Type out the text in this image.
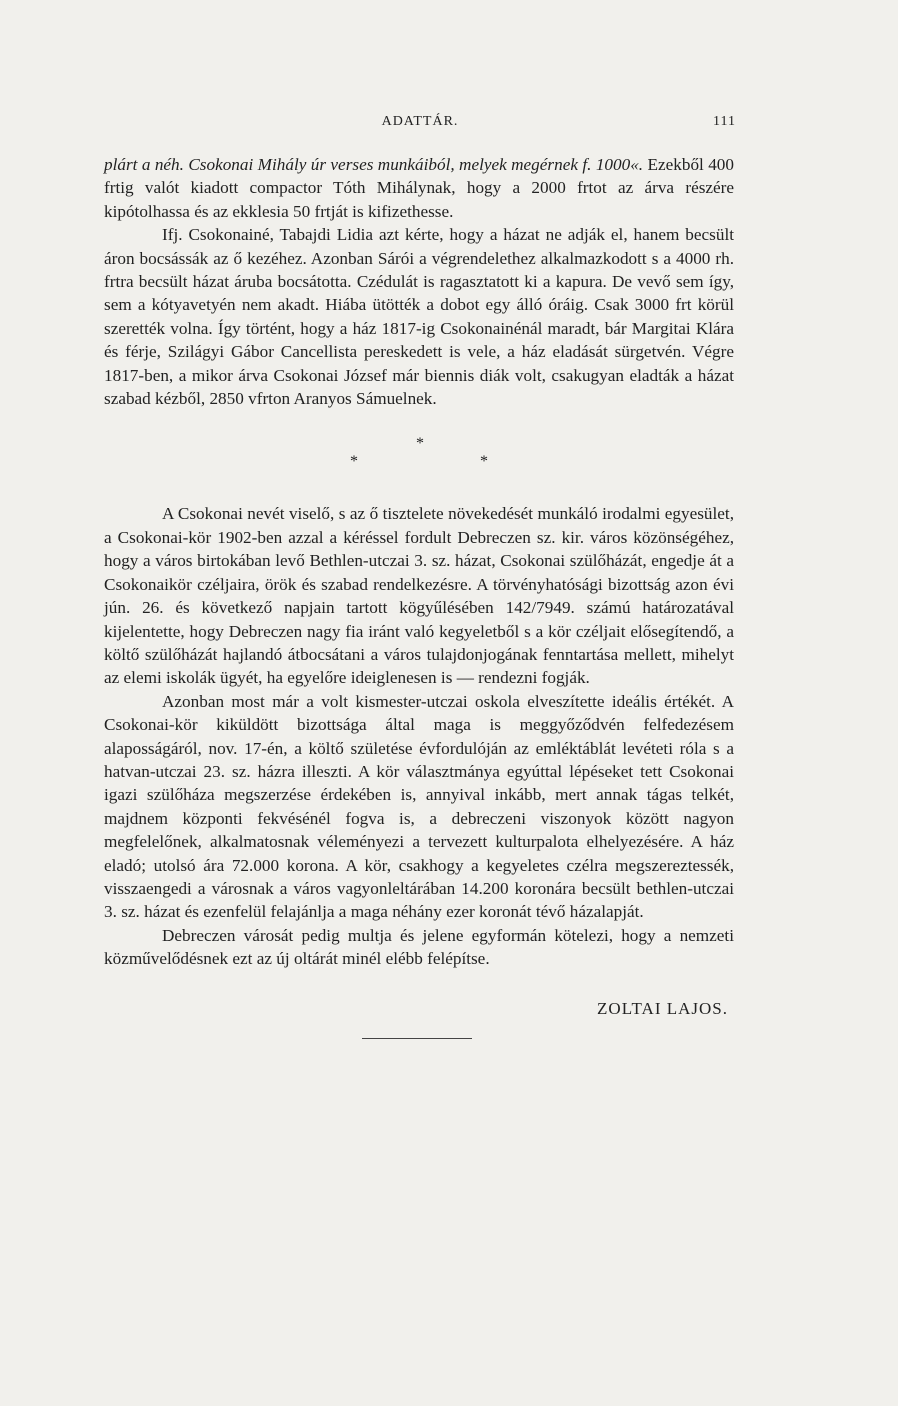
ADATTÁR.	111

plárt a néh. Csokonai Mihály úr verses munkáiból, melyek megérnek f. 1000«. Ezekből 400 frtig valót kiadott compactor Tóth Mihálynak, hogy a 2000 frtot az árva részére kipótolhassa és az ekklesia 50 frtját is kifizethesse.

Ifj. Csokonainé, Tabajdi Lidia azt kérte, hogy a házat ne adják el, hanem becsült áron bocsássák az ő kezéhez. Azonban Sárói a végrendelethez alkalmazkodott s a 4000 rh. frtra becsült házat áruba bocsátotta. Czédulát is ragasztatott ki a kapura. De vevő sem így, sem a kótyavetyén nem akadt. Hiába ütötték a dobot egy álló óráig. Csak 3000 frt körül szerették volna. Így történt, hogy a ház 1817-ig Csokonainénál maradt, bár Margitai Klára és férje, Szilágyi Gábor Cancellista pereskedett is vele, a ház eladását sürgetvén. Végre 1817-ben, a mikor árva Csokonai József már biennis diák volt, csakugyan eladták a házat szabad kézből, 2850 vfrton Aranyos Sámuelnek.

*
*	*

A Csokonai nevét viselő, s az ő tisztelete növekedését munkáló irodalmi egyesület, a Csokonai-kör 1902-ben azzal a kéréssel fordult Debreczen sz. kir. város közönségéhez, hogy a város birtokában levő Bethlen-utczai 3. sz. házat, Csokonai szülőházát, engedje át a Csokonaikör czéljaira, örök és szabad rendelkezésre. A törvényhatósági bizottság azon évi jún. 26. és következő napjain tartott kögyűlésében 142/7949. számú határozatával kijelentette, hogy Debreczen nagy fia iránt való kegyeletből s a kör czéljait elősegítendő, a költő szülőházát hajlandó átbocsátani a város tulajdonjogának fenntartása mellett, mihelyt az elemi iskolák ügyét, ha egyelőre ideiglenesen is — rendezni fogják.

Azonban most már a volt kismester-utczai oskola elveszítette ideális értékét. A Csokonai-kör kiküldött bizottsága által maga is meggyőződvén felfedezésem alaposságáról, nov. 17-én, a költő születése évfordulóján az emléktáblát levéteti róla s a hatvan-utczai 23. sz. házra illeszti. A kör választmánya egyúttal lépéseket tett Csokonai igazi szülőháza megszerzése érdekében is, annyival inkább, mert annak tágas telkét, majdnem központi fekvésénél fogva is, a debreczeni viszonyok között nagyon megfelelőnek, alkalmatosnak véleményezi a tervezett kulturpalota elhelyezésére. A ház eladó; utolsó ára 72.000 korona. A kör, csakhogy a kegyeletes czélra megszereztessék, visszaengedi a városnak a város vagyonleltárában 14.200 koronára becsült bethlen-utczai 3. sz. házat és ezenfelül felajánlja a maga néhány ezer koronát tévő házalapját.

Debreczen városát pedig multja és jelene egyformán kötelezi, hogy a nemzeti közművelődésnek ezt az új oltárát minél elébb felépítse.

ZOLTAI LAJOS.
